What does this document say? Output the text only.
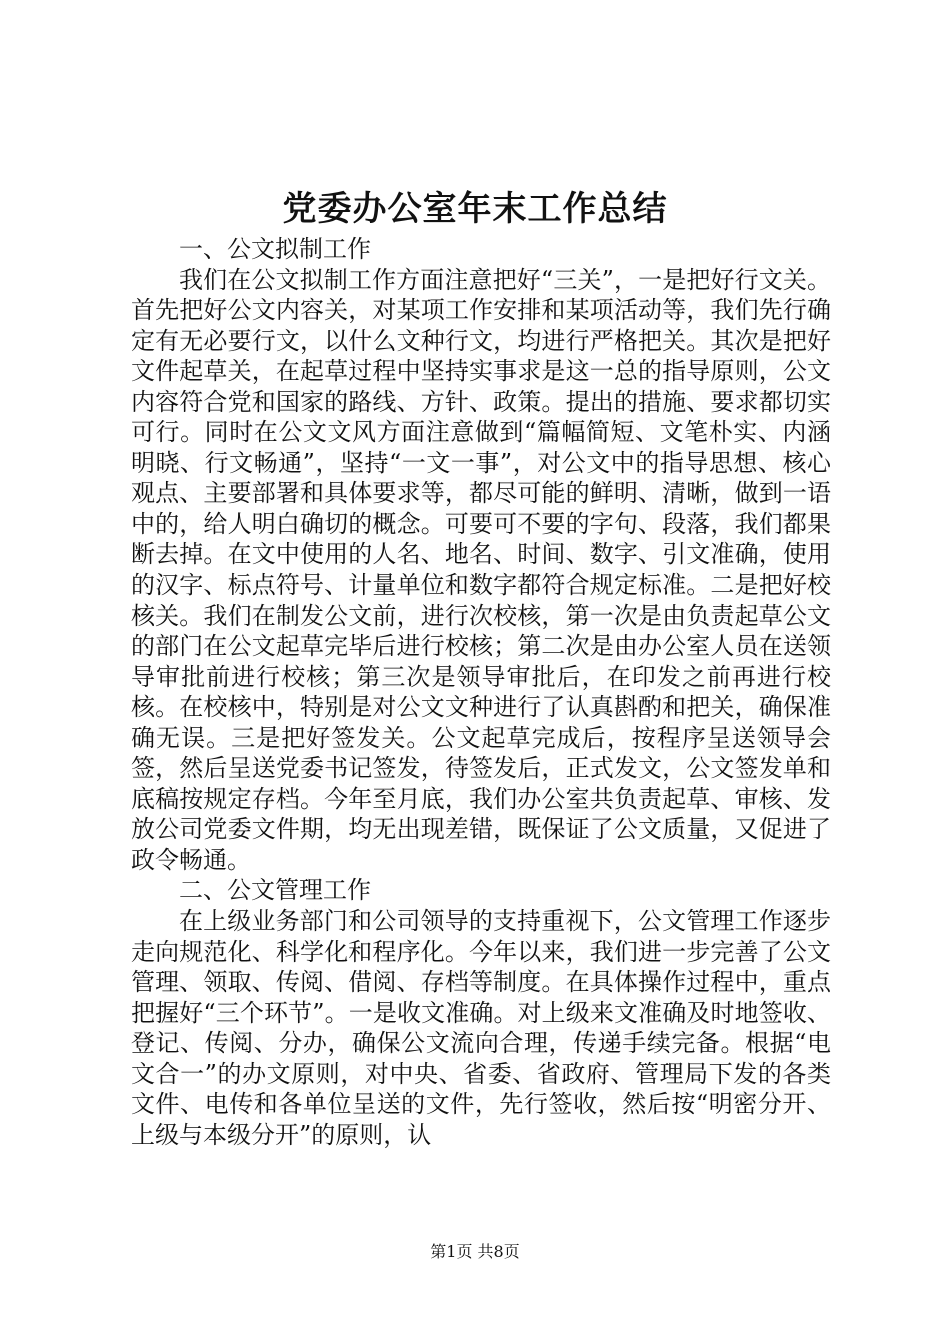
党委办公室年末工作总结

一、公文拟制工作

我们在公文拟制工作方面注意把好“三关”，一是把好行文关。首先把好公文内容关，对某项工作安排和某项活动等，我们先行确定有无必要行文，以什么文种行文，均进行严格把关。其次是把好文件起草关，在起草过程中坚持实事求是这一总的指导原则，公文内容符合党和国家的路线、方针、政策。提出的措施、要求都切实可行。同时在公文文风方面注意做到“篇幅简短、文笔朴实、内涵明晓、行文畅通”，坚持“一文一事”，对公文中的指导思想、核心观点、主要部署和具体要求等，都尽可能的鲜明、清晰，做到一语中的，给人明白确切的概念。可要可不要的字句、段落，我们都果断去掉。在文中使用的人名、地名、时间、数字、引文准确，使用的汉字、标点符号、计量单位和数字都符合规定标准。二是把好校核关。我们在制发公文前，进行次校核，第一次是由负责起草公文的部门在公文起草完毕后进行校核；第二次是由办公室人员在送领导审批前进行校核；第三次是领导审批后，在印发之前再进行校核。在校核中，特别是对公文文种进行了认真斟酌和把关，确保准确无误。三是把好签发关。公文起草完成后，按程序呈送领导会签，然后呈送党委书记签发，待签发后，正式发文，公文签发单和底稿按规定存档。今年至月底，我们办公室共负责起草、审核、发放公司党委文件期，均无出现差错，既保证了公文质量，又促进了政令畅通。

二、公文管理工作

在上级业务部门和公司领导的支持重视下，公文管理工作逐步走向规范化、科学化和程序化。今年以来，我们进一步完善了公文管理、领取、传阅、借阅、存档等制度。在具体操作过程中，重点把握好“三个环节”。一是收文准确。对上级来文准确及时地签收、登记、传阅、分办，确保公文流向合理，传递手续完备。根据“电文合一”的办文原则，对中央、省委、省政府、管理局下发的各类文件、电传和各单位呈送的文件，先行签收，然后按“明密分开、上级与本级分开”的原则，认

第1页 共8页
